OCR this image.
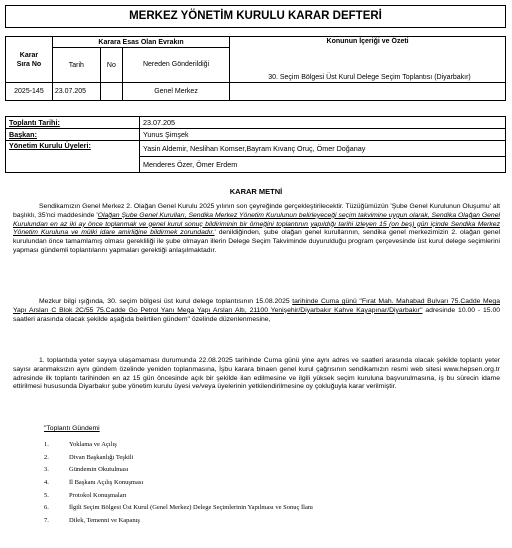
MERKEZ YÖNETİM KURULU KARAR DEFTERİ
Karar
Sıra No	Karara Esas Olan Evrakın			Konunun İçeriği ve Özeti
	Tarih	No	Nereden Gönderildiği	
2025-145	23.07.205		Genel Merkez	30. Seçim Bölgesi Üst Kurul Delege Seçim Toplantısı (Diyarbakır)
Toplantı Tarihi:	23.07.205
Başkan:	Yunus Şimşek
Yönetim Kurulu Üyeleri:	Yasin Aldemir, Neslihan Komser,Bayram Kıvanç Oruç, Ömer Doğanay
	Menderes Özer, Ömer Erdem
KARAR METNİ

Sendikamızın Genel Merkez 2. Olağan Genel Kurulu 2025 yılının son çeyreğinde gerçekleştirilecektir. Tüzüğümüzün 'Şube Genel Kurulunun Oluşumu' alt başlıklı, 35'nci maddesinde 'Olağan Şube Genel Kurulları, Sendika Merkez Yönetim Kurulunun belirleyeceği seçim takvimine uygun olarak, Sendika Olağan Genel Kurulundan en az iki ay önce toplanmak ve genel kurul sonuç bildiriminin bir örneğini toplantının yapıldığı tarihi izleyen 15 (on beş) gün içinde Sendika Merkez Yönetim Kuruluna ve mülki idare amirliğine bildirmek zorundadır.' denildiğinden, şube olağan genel kurullarının, sendika genel merkezimizin 2. olağan genel kurulundan önce tamamlamış olması gerekliliği ile şube olmayan illerin Delege Seçim Takviminde duyurulduğu program çerçevesinde üst kurul delege seçimlerini yapması gündemli toplantılarını yapmaları gerektiği anlaşılmaktadır.

Mezkur bilgi ışığında, 30. seçim bölgesi üst kurul delege toplantısının 15.08.2025 tarihinde Cuma günü "Fırat Mah. Mahabad Bulvarı 75.Cadde Mega Yapı Arsları C Blok 2C/55 75.Cadde Go Petrol Yanı Mega Yapı Arsları Altı, 21100 Yenişehir/Diyarbakır Kahve Kayapınar/Diyarbakır" adresinde 10.00 - 15.00 saatleri arasında olacak şekilde aşağıda belirtilen gündem" özelinde düzenlenmesine,

1. toplantıda yeter sayıya ulaşamaması durumunda 22.08.2025 tarihinde Cuma günü yine aynı adres ve saatleri arasında olacak şekilde toplantı yeter sayısı aranmaksızın aynı gündem özelinde yeniden toplanmasına, İşbu karara binaen genel kurul çağrısının sendikamızın resmi web sitesi www.hepsen.org.tr adresinde ilk toplantı tarihinden en az 15 gün öncesinde açık bir şekilde ilan edilmesine ve ilgili yüksek seçim kuruluna başvurulmasına, iş bu sürecin idame ettirilmesi hususunda Diyarbakır şube yönetim kurulu üyesi ve/veya üyelerinin yetkilendirilmesine oy çokluğuyla karar verilmiştir.

"Toplantı Gündemi
1.	Yoklama ve Açılış
2.	Divan Başkanlığı Teşkili
3.	Gündemin Okutulması
4.	İl Başkanı Açılış Konuşması
5.	Protokol Konuşmaları
6.	İlgili Seçim Bölgesi Üst Kurul (Genel Merkez) Delege Seçimlerinin Yapılması ve Sonuç İlanı
7.	Dilek, Temenni ve Kapanış
